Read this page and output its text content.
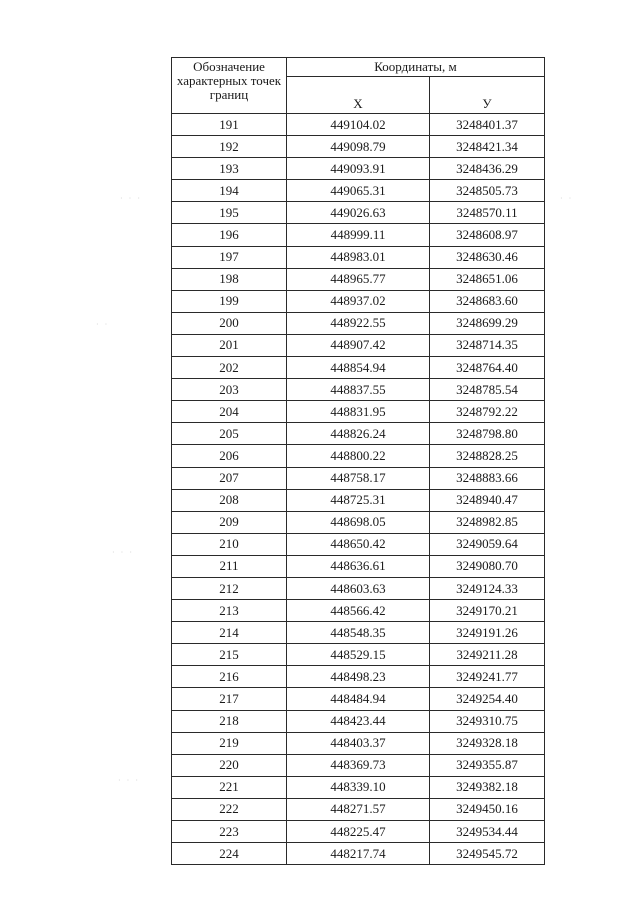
· · ·
· ·
· · ·
· ·
· · ·
Обозначение характерных точек границ	Координаты, м	
	X	У
191	449104.02	3248401.37
192	449098.79	3248421.34
193	449093.91	3248436.29
194	449065.31	3248505.73
195	449026.63	3248570.11
196	448999.11	3248608.97
197	448983.01	3248630.46
198	448965.77	3248651.06
199	448937.02	3248683.60
200	448922.55	3248699.29
201	448907.42	3248714.35
202	448854.94	3248764.40
203	448837.55	3248785.54
204	448831.95	3248792.22
205	448826.24	3248798.80
206	448800.22	3248828.25
207	448758.17	3248883.66
208	448725.31	3248940.47
209	448698.05	3248982.85
210	448650.42	3249059.64
211	448636.61	3249080.70
212	448603.63	3249124.33
213	448566.42	3249170.21
214	448548.35	3249191.26
215	448529.15	3249211.28
216	448498.23	3249241.77
217	448484.94	3249254.40
218	448423.44	3249310.75
219	448403.37	3249328.18
220	448369.73	3249355.87
221	448339.10	3249382.18
222	448271.57	3249450.16
223	448225.47	3249534.44
224	448217.74	3249545.72
